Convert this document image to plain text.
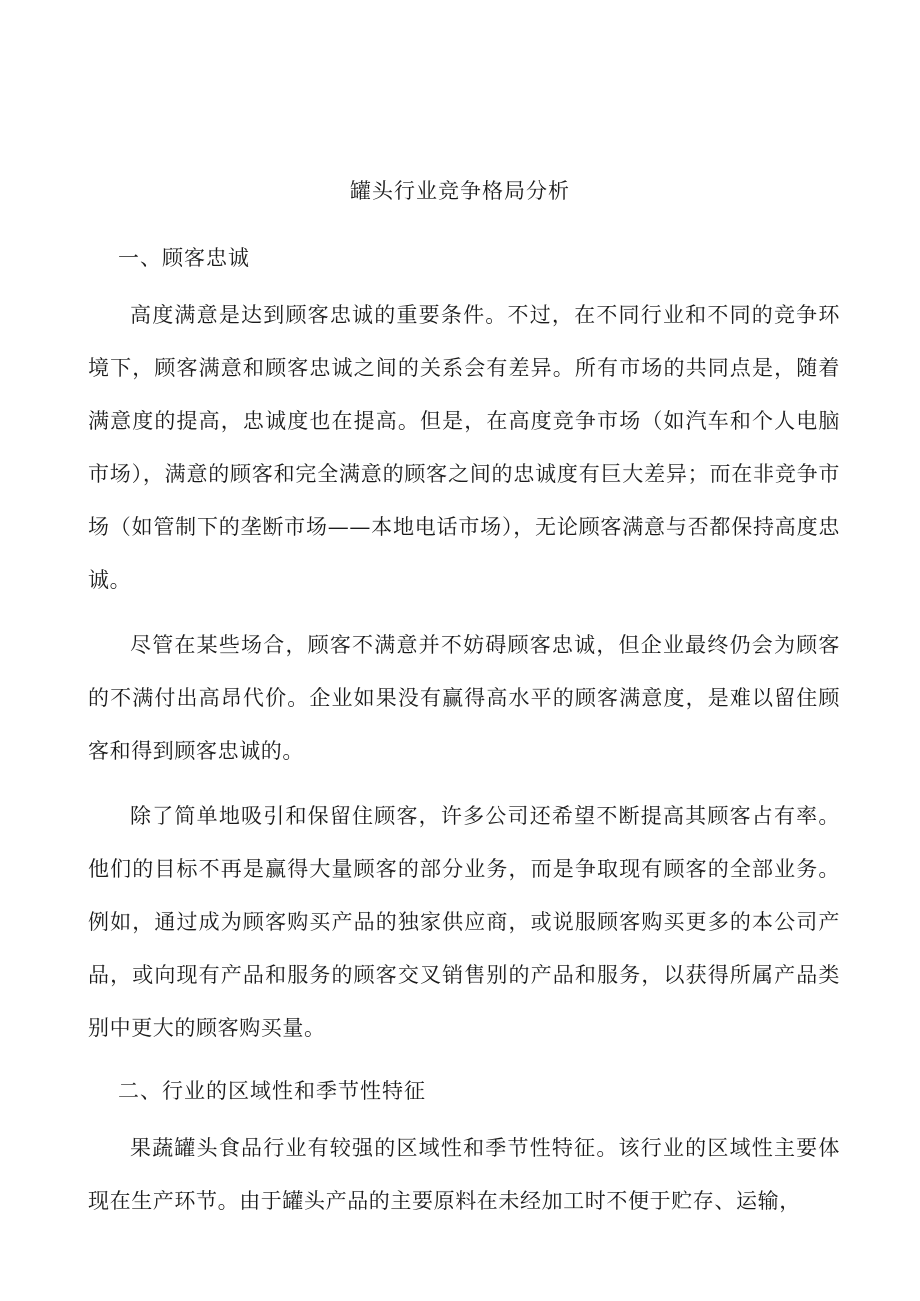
罐头行业竞争格局分析
一、顾客忠诚

高度满意是达到顾客忠诚的重要条件。不过，在不同行业和不同的竞争环境下，顾客满意和顾客忠诚之间的关系会有差异。所有市场的共同点是，随着满意度的提高，忠诚度也在提高。但是，在高度竞争市场（如汽车和个人电脑市场），满意的顾客和完全满意的顾客之间的忠诚度有巨大差异；而在非竞争市场（如管制下的垄断市场——本地电话市场），无论顾客满意与否都保持高度忠诚。

尽管在某些场合，顾客不满意并不妨碍顾客忠诚，但企业最终仍会为顾客的不满付出高昂代价。企业如果没有赢得高水平的顾客满意度，是难以留住顾客和得到顾客忠诚的。

除了简单地吸引和保留住顾客，许多公司还希望不断提高其顾客占有率。他们的目标不再是赢得大量顾客的部分业务，而是争取现有顾客的全部业务。例如，通过成为顾客购买产品的独家供应商，或说服顾客购买更多的本公司产品，或向现有产品和服务的顾客交叉销售别的产品和服务，以获得所属产品类别中更大的顾客购买量。

二、行业的区域性和季节性特征

果蔬罐头食品行业有较强的区域性和季节性特征。该行业的区域性主要体现在生产环节。由于罐头产品的主要原料在未经加工时不便于贮存、运输，
